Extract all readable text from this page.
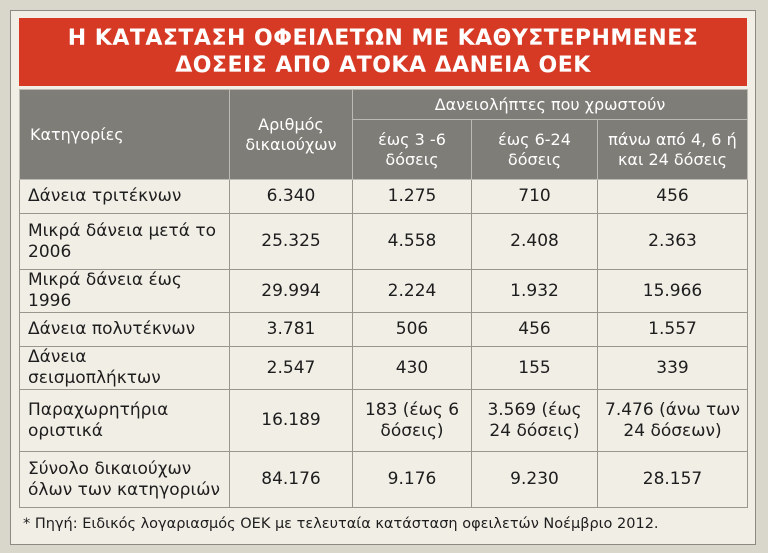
Η ΚΑΤΑΣΤΑΣΗ ΟΦΕΙΛΕΤΩΝ ΜΕ ΚΑΘΥΣΤΕΡΗΜΕΝΕΣ
ΔΟΣΕΙΣ ΑΠΟ ΑΤΟΚΑ ΔΑΝΕΙΑ ΟΕΚ
Κατηγορίες	Αριθμός δικαιούχων	Δανειολήπτες που χρωστούν		
		έως 3 -6 δόσεις	έως 6-24 δόσεις	πάνω από 4, 6 ή και 24 δόσεις
Δάνεια τριτέκνων	6.340	1.275	710	456
Μικρά δάνεια μετά το 2006	25.325	4.558	2.408	2.363
Μικρά δάνεια έως 1996	29.994	2.224	1.932	15.966
Δάνεια πολυτέκνων	3.781	506	456	1.557
Δάνεια σεισμοπλήκτων	2.547	430	155	339
Παραχωρητήρια οριστικά	16.189	183 (έως 6 δόσεις)	3.569 (έως 24 δόσεις)	7.476 (άνω των 24 δόσεων)
Σύνολο δικαιούχων όλων των κατηγοριών	84.176	9.176	9.230	28.157
* Πηγή: Ειδικός λογαριασμός ΟΕΚ με τελευταία κατάσταση οφειλετών Νοέμβριο 2012.
